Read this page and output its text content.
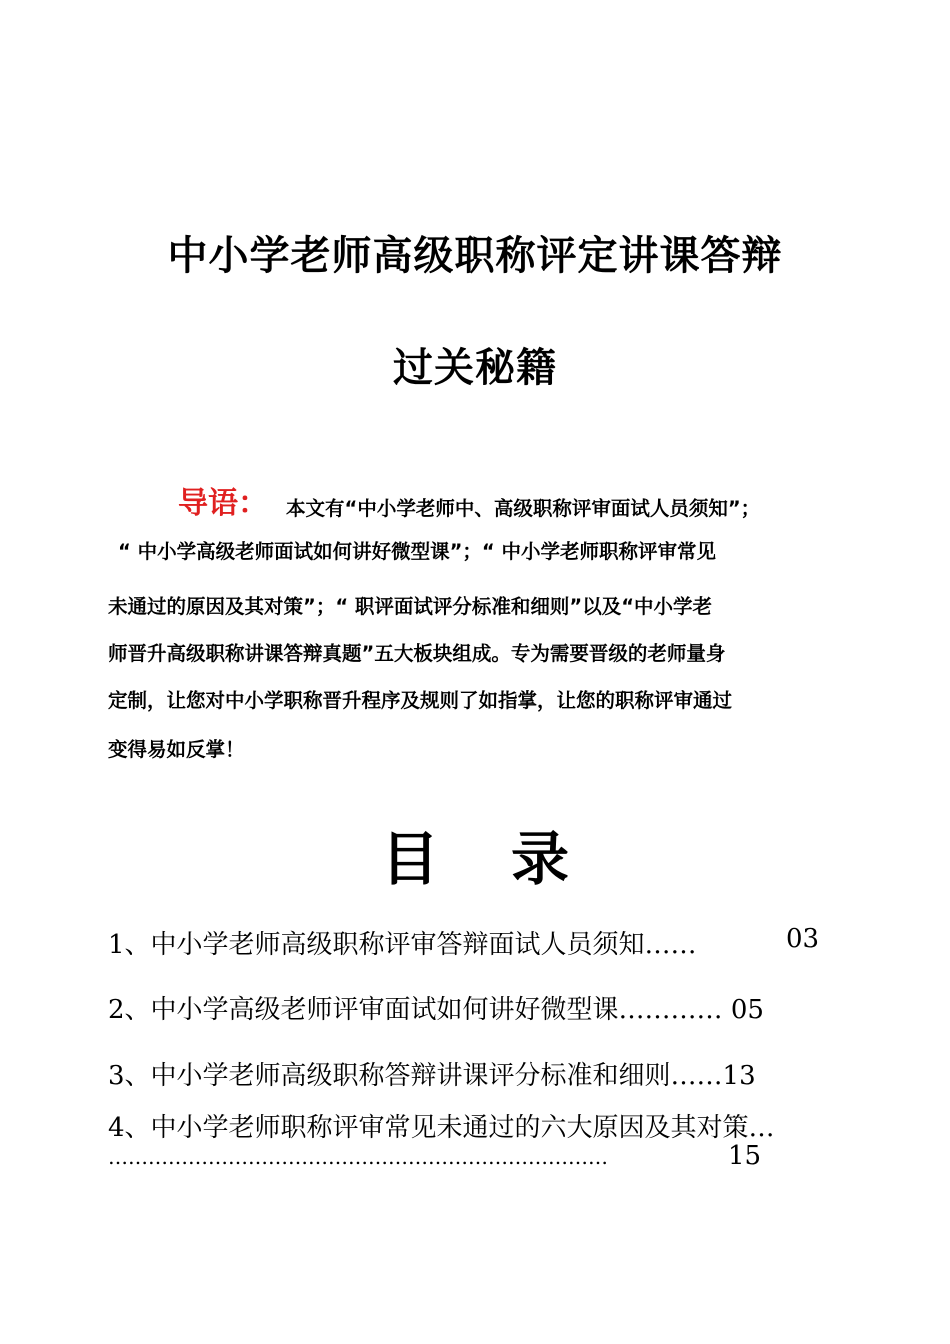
中小学老师高级职称评定讲课答辩
过关秘籍
导语： 本文有“中小学老师中、高级职称评审面试人员须知”；
“ 中小学高级老师面试如何讲好微型课”；“ 中小学老师职称评审常见
未通过的原因及其对策”；“ 职评面试评分标准和细则”以及“中小学老
师晋升高级职称讲课答辩真题”五大板块组成。专为需要晋级的老师量身
定制，让您对中小学职称晋升程序及规则了如指掌，让您的职称评审通过
变得易如反掌！
目 录
1、中小学老师高级职称评审答辩面试人员须知……	03
2、中小学高级老师评审面试如何讲好微型课………… 05
3、中小学老师高级职称答辩讲课评分标准和细则……13
4、中小学老师职称评审常见未通过的六大原因及其对策…
…………………………………………………………………	15
